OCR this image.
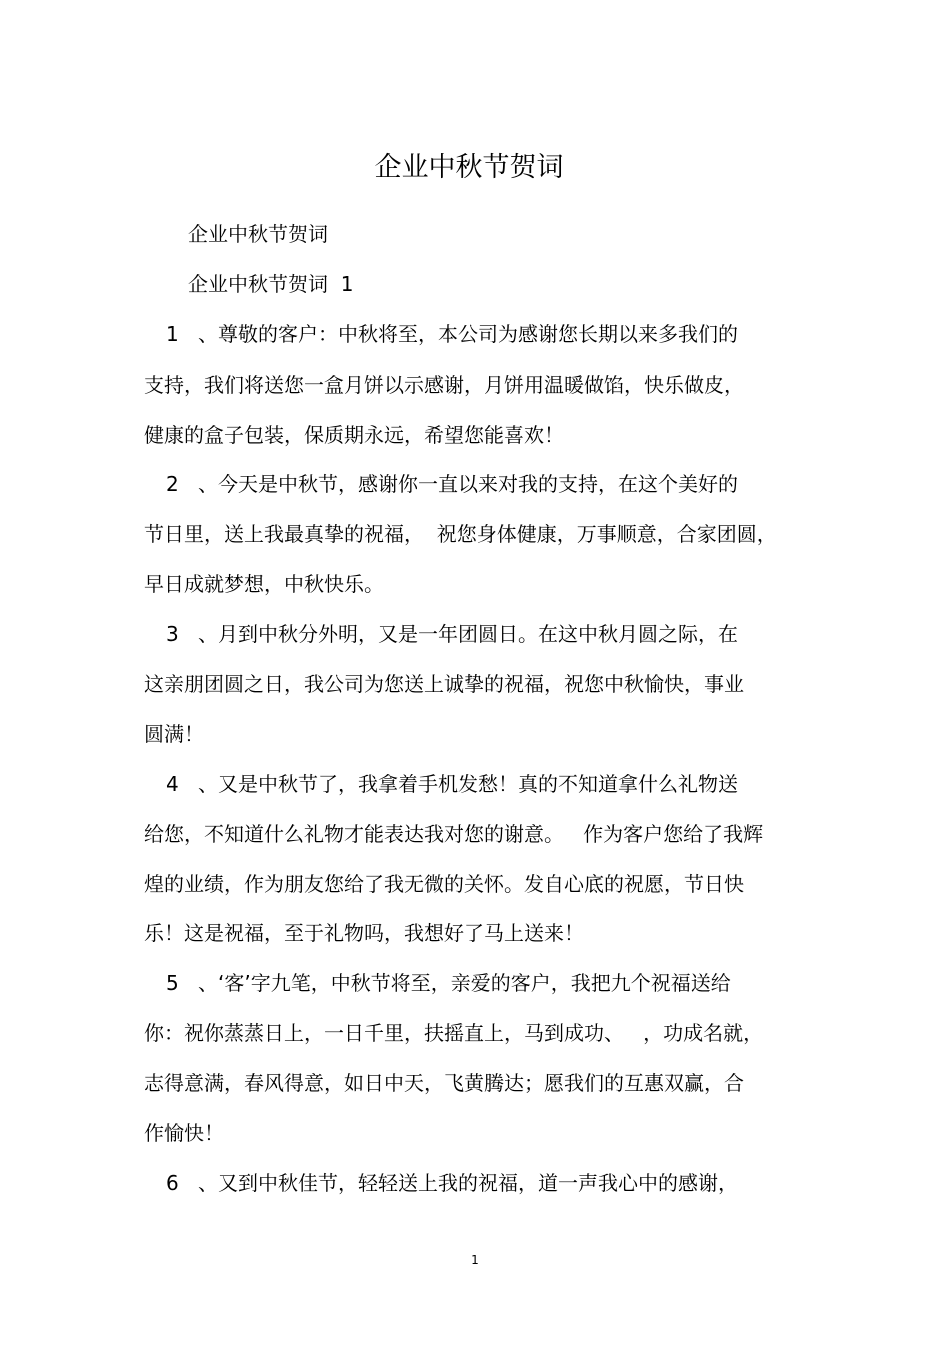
企业中秋节贺词
企业中秋节贺词
企业中秋节贺词  1
1 、尊敬的客户：中秋将至，本公司为感谢您长期以来多我们的
支持，我们将送您一盒月饼以示感谢，月饼用温暖做馅，快乐做皮，
健康的盒子包装，保质期永远，希望您能喜欢！
2 、今天是中秋节，感谢你一直以来对我的支持，在这个美好的
节日里，送上我最真挚的祝福，  祝您身体健康，万事顺意，合家团圆，
早日成就梦想，中秋快乐。
3 、月到中秋分外明，又是一年团圆日。在这中秋月圆之际，在
这亲朋团圆之日，我公司为您送上诚挚的祝福，祝您中秋愉快，事业
圆满！
4 、又是中秋节了，我拿着手机发愁！真的不知道拿什么礼物送
给您，不知道什么礼物才能表达我对您的谢意。   作为客户您给了我辉
煌的业绩，作为朋友您给了我无微的关怀。发自心底的祝愿，节日快
乐！这是祝福，至于礼物吗，我想好了马上送来！
5 、‘客’字九笔，中秋节将至，亲爱的客户，我把九个祝福送给
你：祝你蒸蒸日上，一日千里，扶摇直上，马到成功、   ，功成名就，
志得意满，春风得意，如日中天，飞黄腾达；愿我们的互惠双赢，合
作愉快！
6 、又到中秋佳节，轻轻送上我的祝福，道一声我心中的感谢，
1
